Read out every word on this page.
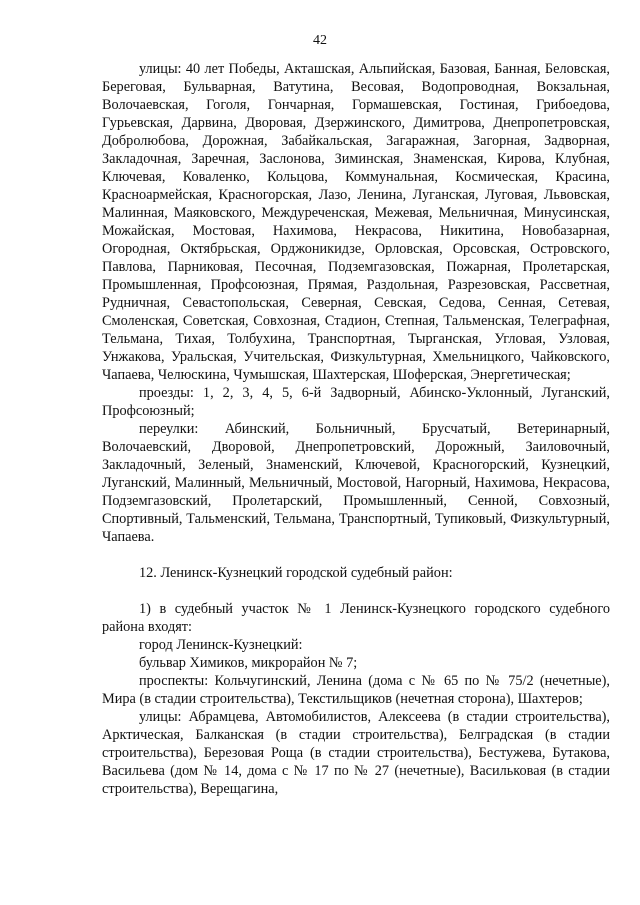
42

улицы: 40 лет Победы, Акташская, Альпийская, Базовая, Банная, Беловская, Береговая, Бульварная, Ватутина, Весовая, Водопроводная, Вокзальная, Волочаевская, Гоголя, Гончарная, Гормашевская, Гостиная, Грибоедова, Гурьевская, Дарвина, Дворовая, Дзержинского, Димитрова, Днепропетровская, Добролюбова, Дорожная, Забайкальская, Загаражная, Загорная, Задворная, Закладочная, Заречная, Заслонова, Зиминская, Знаменская, Кирова, Клубная, Ключевая, Коваленко, Кольцова, Коммунальная, Космическая, Красина, Красноармейская, Красногорская, Лазо, Ленина, Луганская, Луговая, Львовская, Малинная, Маяковского, Междуреченская, Межевая, Мельничная, Минусинская, Можайская, Мостовая, Нахимова, Некрасова, Никитина, Новобазарная, Огородная, Октябрьская, Орджоникидзе, Орловская, Орсовская, Островского, Павлова, Парниковая, Песочная, Подземгазовская, Пожарная, Пролетарская, Промышленная, Профсоюзная, Прямая, Раздольная, Разрезовская, Рассветная, Рудничная, Севастопольская, Северная, Севская, Седова, Сенная, Сетевая, Смоленская, Советская, Совхозная, Стадион, Степная, Тальменская, Телеграфная, Тельмана, Тихая, Толбухина, Транспортная, Тырганская, Угловая, Узловая, Унжакова, Уральская, Учительская, Физкультурная, Хмельницкого, Чайковского, Чапаева, Челюскина, Чумышская, Шахтерская, Шоферская, Энергетическая;

проезды: 1, 2, 3, 4, 5, 6-й Задворный, Абинско-Уклонный, Луганский, Профсоюзный;

переулки: Абинский, Больничный, Брусчатый, Ветеринарный, Волочаевский, Дворовой, Днепропетровский, Дорожный, Заиловочный, Закладочный, Зеленый, Знаменский, Ключевой, Красногорский, Кузнецкий, Луганский, Малинный, Мельничный, Мостовой, Нагорный, Нахимова, Некрасова, Подземгазовский, Пролетарский, Промышленный, Сенной, Совхозный, Спортивный, Тальменский, Тельмана, Транспортный, Тупиковый, Физкультурный, Чапаева.

12. Ленинск-Кузнецкий городской судебный район:

1) в судебный участок № 1 Ленинск-Кузнецкого городского судебного района входят:

город Ленинск-Кузнецкий:

бульвар Химиков, микрорайон № 7;

проспекты: Кольчугинский, Ленина (дома с № 65 по № 75/2 (нечетные), Мира (в стадии строительства), Текстильщиков (нечетная сторона), Шахтеров;

улицы: Абрамцева, Автомобилистов, Алексеева (в стадии строительства), Арктическая, Балканская (в стадии строительства), Белградская (в стадии строительства), Березовая Роща (в стадии строительства), Бестужева, Бутакова, Васильева (дом № 14, дома с № 17 по № 27 (нечетные), Васильковая (в стадии строительства), Верещагина,
